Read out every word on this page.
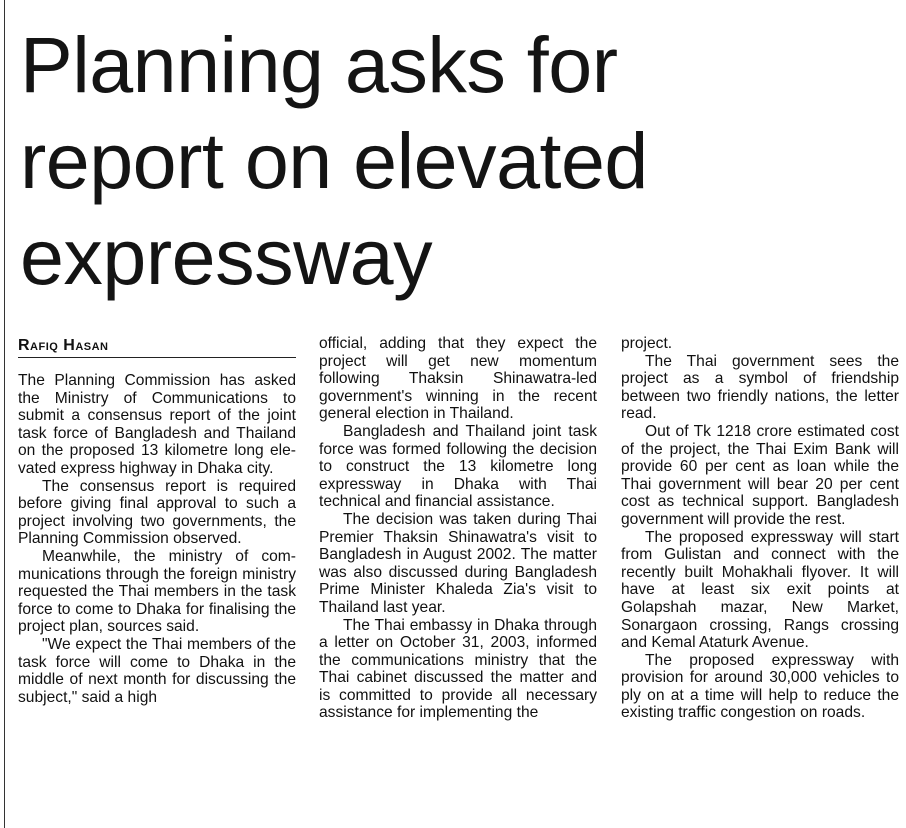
Planning asks for
report on elevated
expressway
Rafiq Hasan

The Planning Commission has asked the Ministry of Communications to submit a consensus report of the joint task force of Bangladesh and Thailand on the proposed 13 kilometre long elevated express highway in Dhaka city.

The consensus report is required before giving final approval to such a project involving two governments, the Planning Commission observed.

Meanwhile, the ministry of communications through the foreign ministry requested the Thai members in the task force to come to Dhaka for finalising the project plan, sources said.

"We expect the Thai members of the task force will come to Dhaka in the middle of next month for discussing the subject," said a high

official, adding that they expect the project will get new momentum following Thaksin Shinawatra-led government's winning in the recent general election in Thailand.

Bangladesh and Thailand joint task force was formed following the decision to construct the 13 kilometre long expressway in Dhaka with Thai technical and financial assistance.

The decision was taken during Thai Premier Thaksin Shinawatra's visit to Bangladesh in August 2002. The matter was also discussed during Bangladesh Prime Minister Khaleda Zia's visit to Thailand last year.

The Thai embassy in Dhaka through a letter on October 31, 2003, informed the communications ministry that the Thai cabinet discussed the matter and is committed to provide all necessary assistance for implementing the

project.

The Thai government sees the project as a symbol of friendship between two friendly nations, the letter read.

Out of Tk 1218 crore estimated cost of the project, the Thai Exim Bank will provide 60 per cent as loan while the Thai government will bear 20 per cent cost as technical support. Bangladesh government will provide the rest.

The proposed expressway will start from Gulistan and connect with the recently built Mohakhali flyover. It will have at least six exit points at Golapshah mazar, New Market, Sonargaon crossing, Rangs crossing and Kemal Ataturk Avenue.

The proposed expressway with provision for around 30,000 vehicles to ply on at a time will help to reduce the existing traffic congestion on roads.
